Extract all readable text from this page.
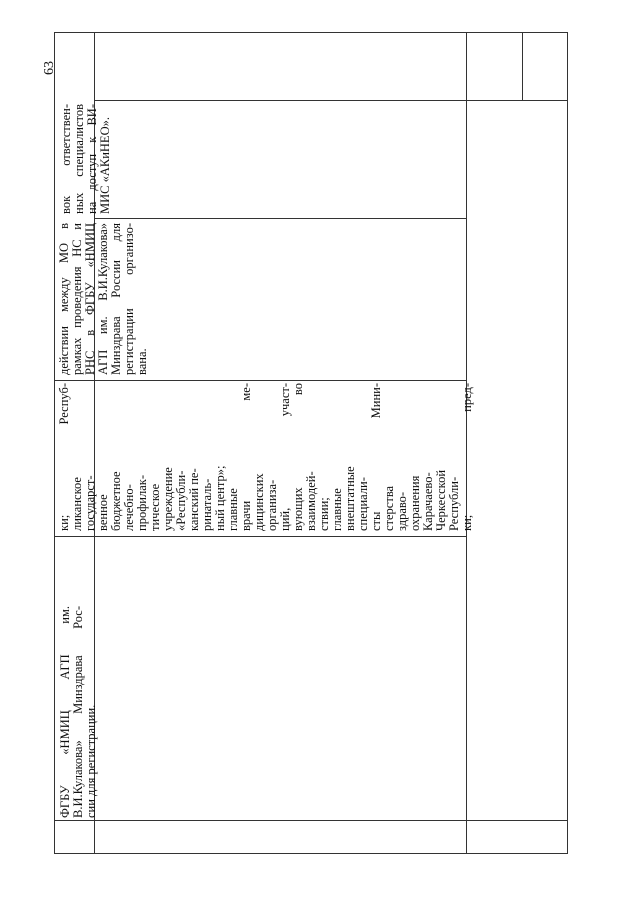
63
ФГБУ «НМИЦ АГП им. В.И.Кулакова» Минздрава Рос- сии для регистрации.
ки; Респуб- ликанское государст- венное бюджетное лечебно- профилак- тическое учреждение «Республи- канский пе- ринаталь- ный центр»; главные врачи ме- дицинских организа- ций, участ- вующих во взаимодей- ствии; главные внештатные специали- сты Мини- стерства здраво- охранения Карачаево- Черкесской Республи- ки; пред-
действии между МО в рамках проведения НС и РНС в ФГБУ «НМИЦ АГП им. В.И.Кулакова» Минздрава России для регистрации организо- вана.
вок ответствен- ных специалистов на доступ к ВИ- МИС «АКиНЕО».
